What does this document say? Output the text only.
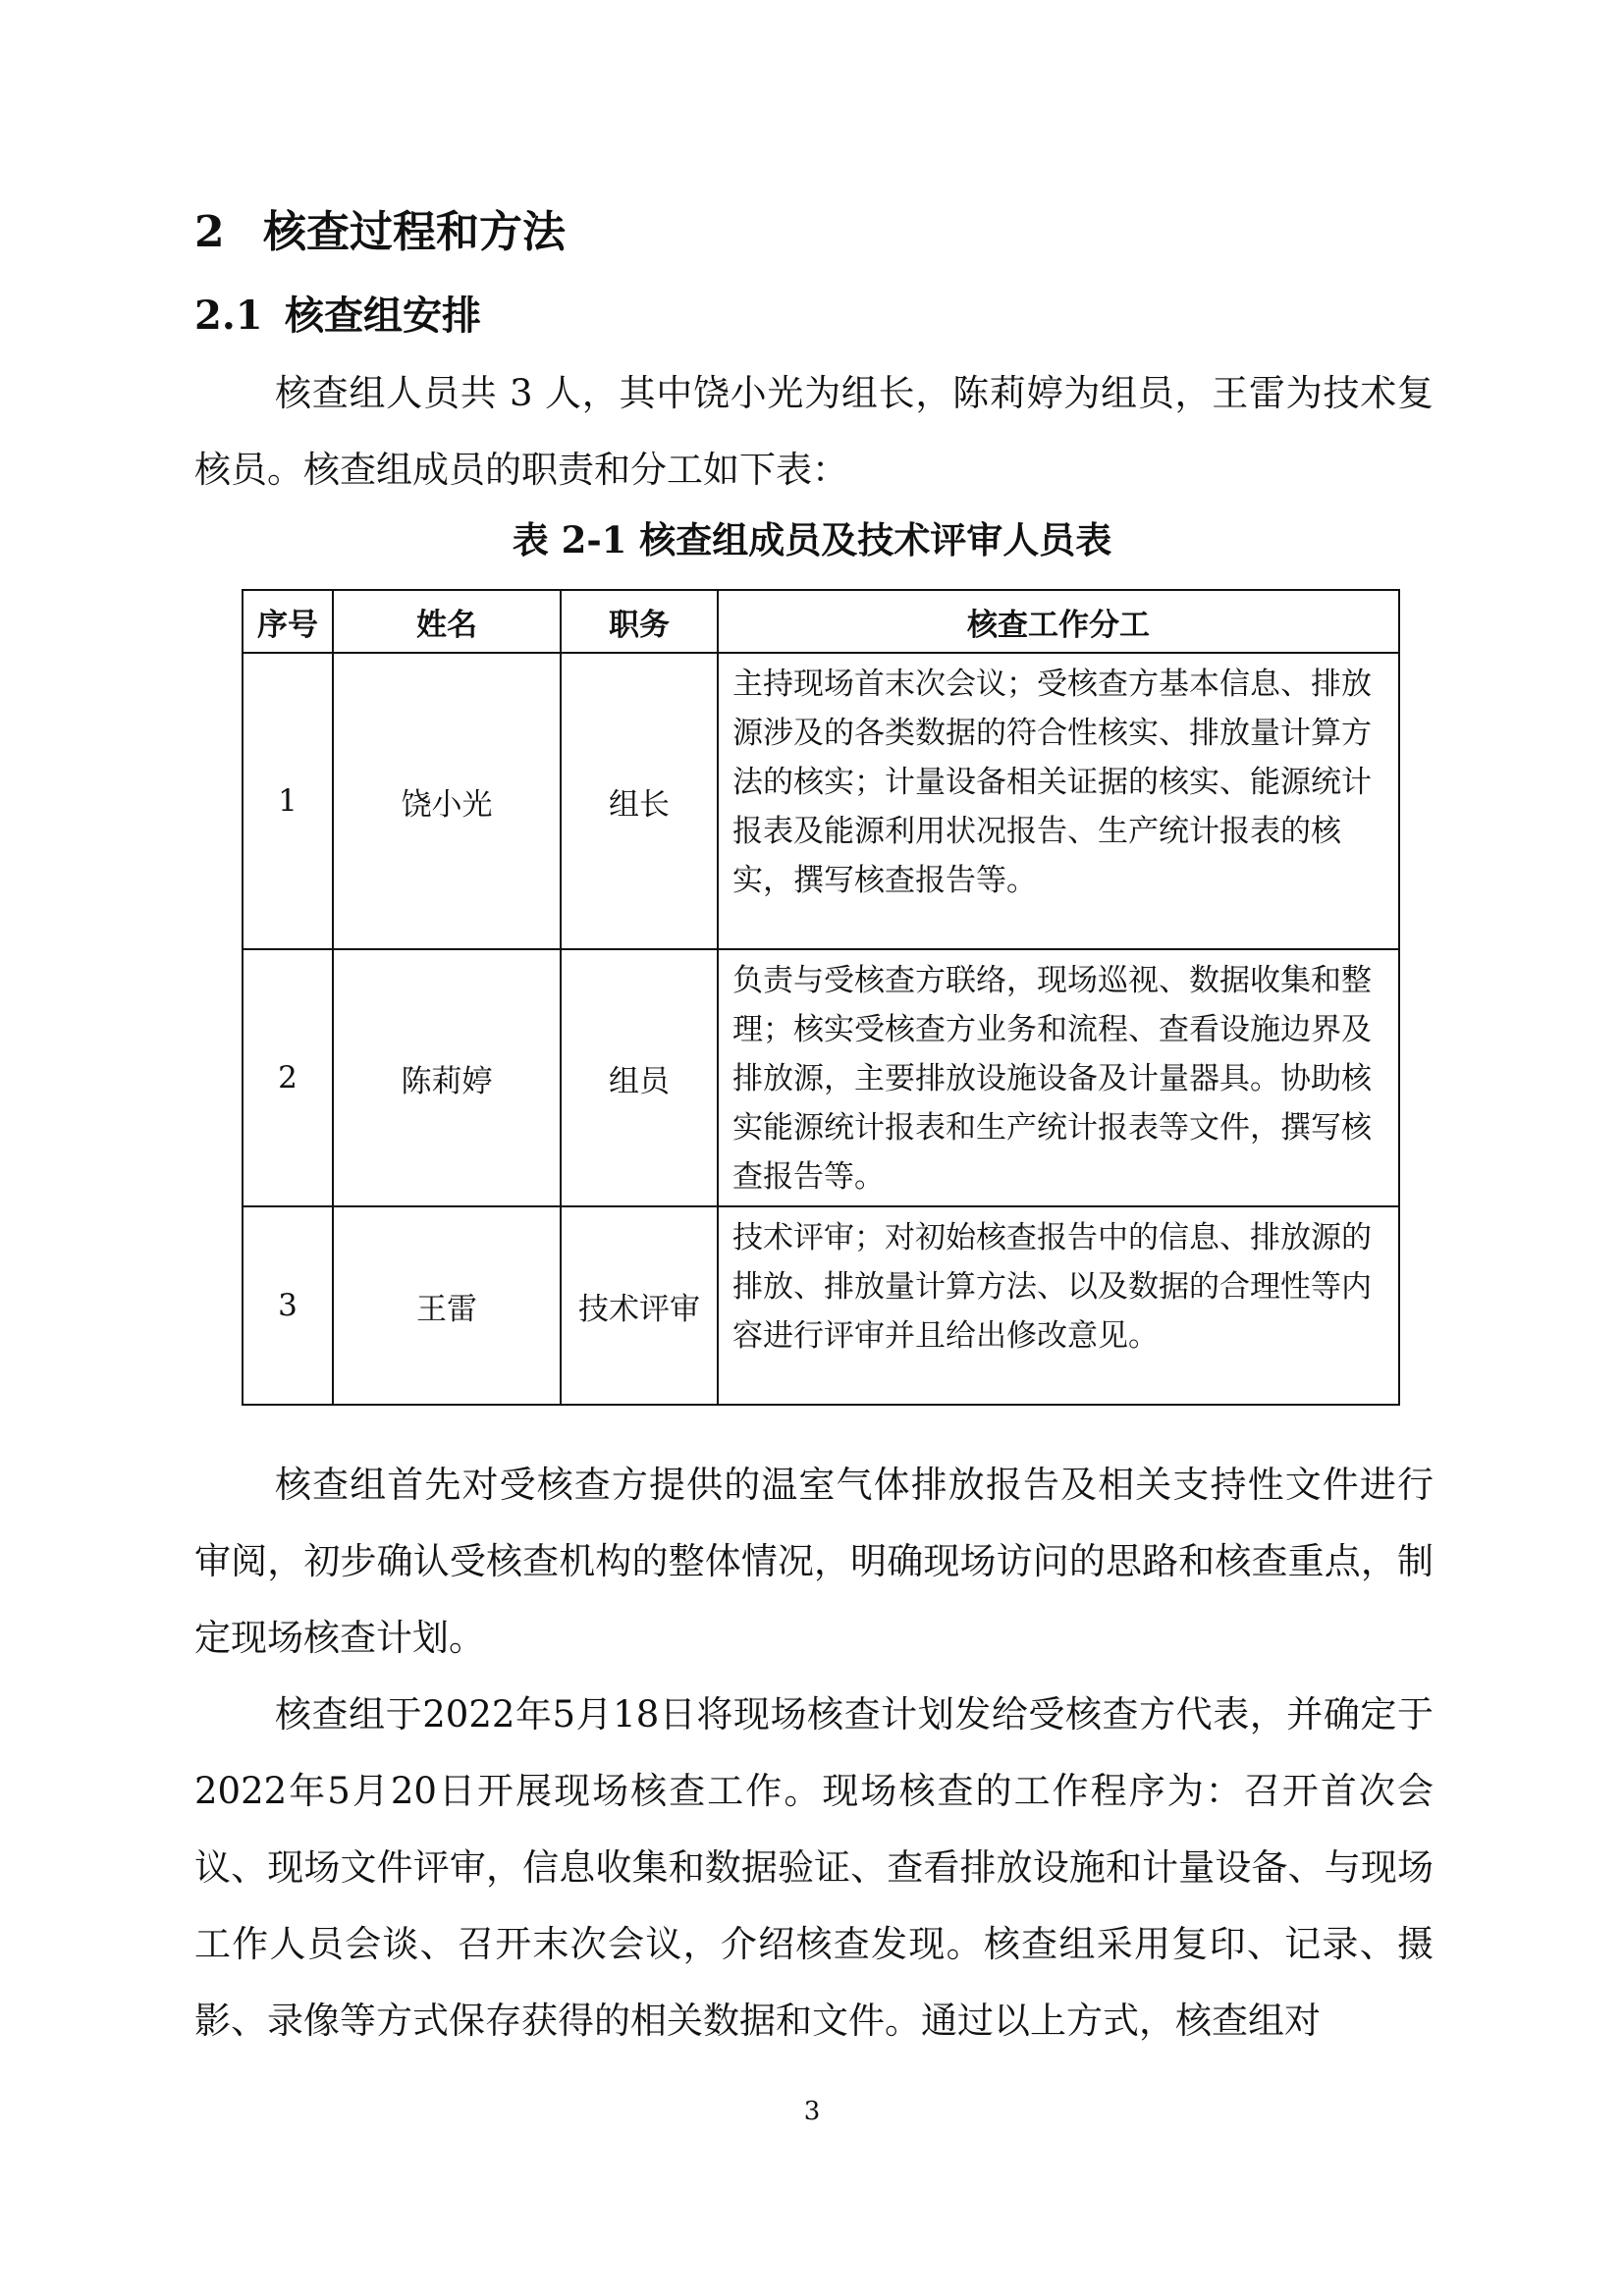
2 核查过程和方法
2.1 核查组安排

核查组人员共 3 人，其中饶小光为组长，陈莉婷为组员，王雷为技术复核员。核查组成员的职责和分工如下表：

表 2-1 核查组成员及技术评审人员表
序号	姓名	职务	核查工作分工
1	饶小光	组长	主持现场首末次会议；受核查方基本信息、排放源涉及的各类数据的符合性核实、排放量计算方法的核实；计量设备相关证据的核实、能源统计报表及能源利用状况报告、生产统计报表的核实，撰写核查报告等。
2	陈莉婷	组员	负责与受核查方联络，现场巡视、数据收集和整理；核实受核查方业务和流程、查看设施边界及排放源，主要排放设施设备及计量器具。协助核实能源统计报表和生产统计报表等文件，撰写核查报告等。
3	王雷	技术评审	技术评审；对初始核查报告中的信息、排放源的排放、排放量计算方法、以及数据的合理性等内容进行评审并且给出修改意见。

核查组首先对受核查方提供的温室气体排放报告及相关支持性文件进行审阅，初步确认受核查机构的整体情况，明确现场访问的思路和核查重点，制定现场核查计划。

核查组于2022年5月18日将现场核查计划发给受核查方代表，并确定于2022年5月20日开展现场核查工作。现场核查的工作程序为：召开首次会议、现场文件评审，信息收集和数据验证、查看排放设施和计量设备、与现场工作人员会谈、召开末次会议，介绍核查发现。核查组采用复印、记录、摄影、录像等方式保存获得的相关数据和文件。通过以上方式，核查组对

3
